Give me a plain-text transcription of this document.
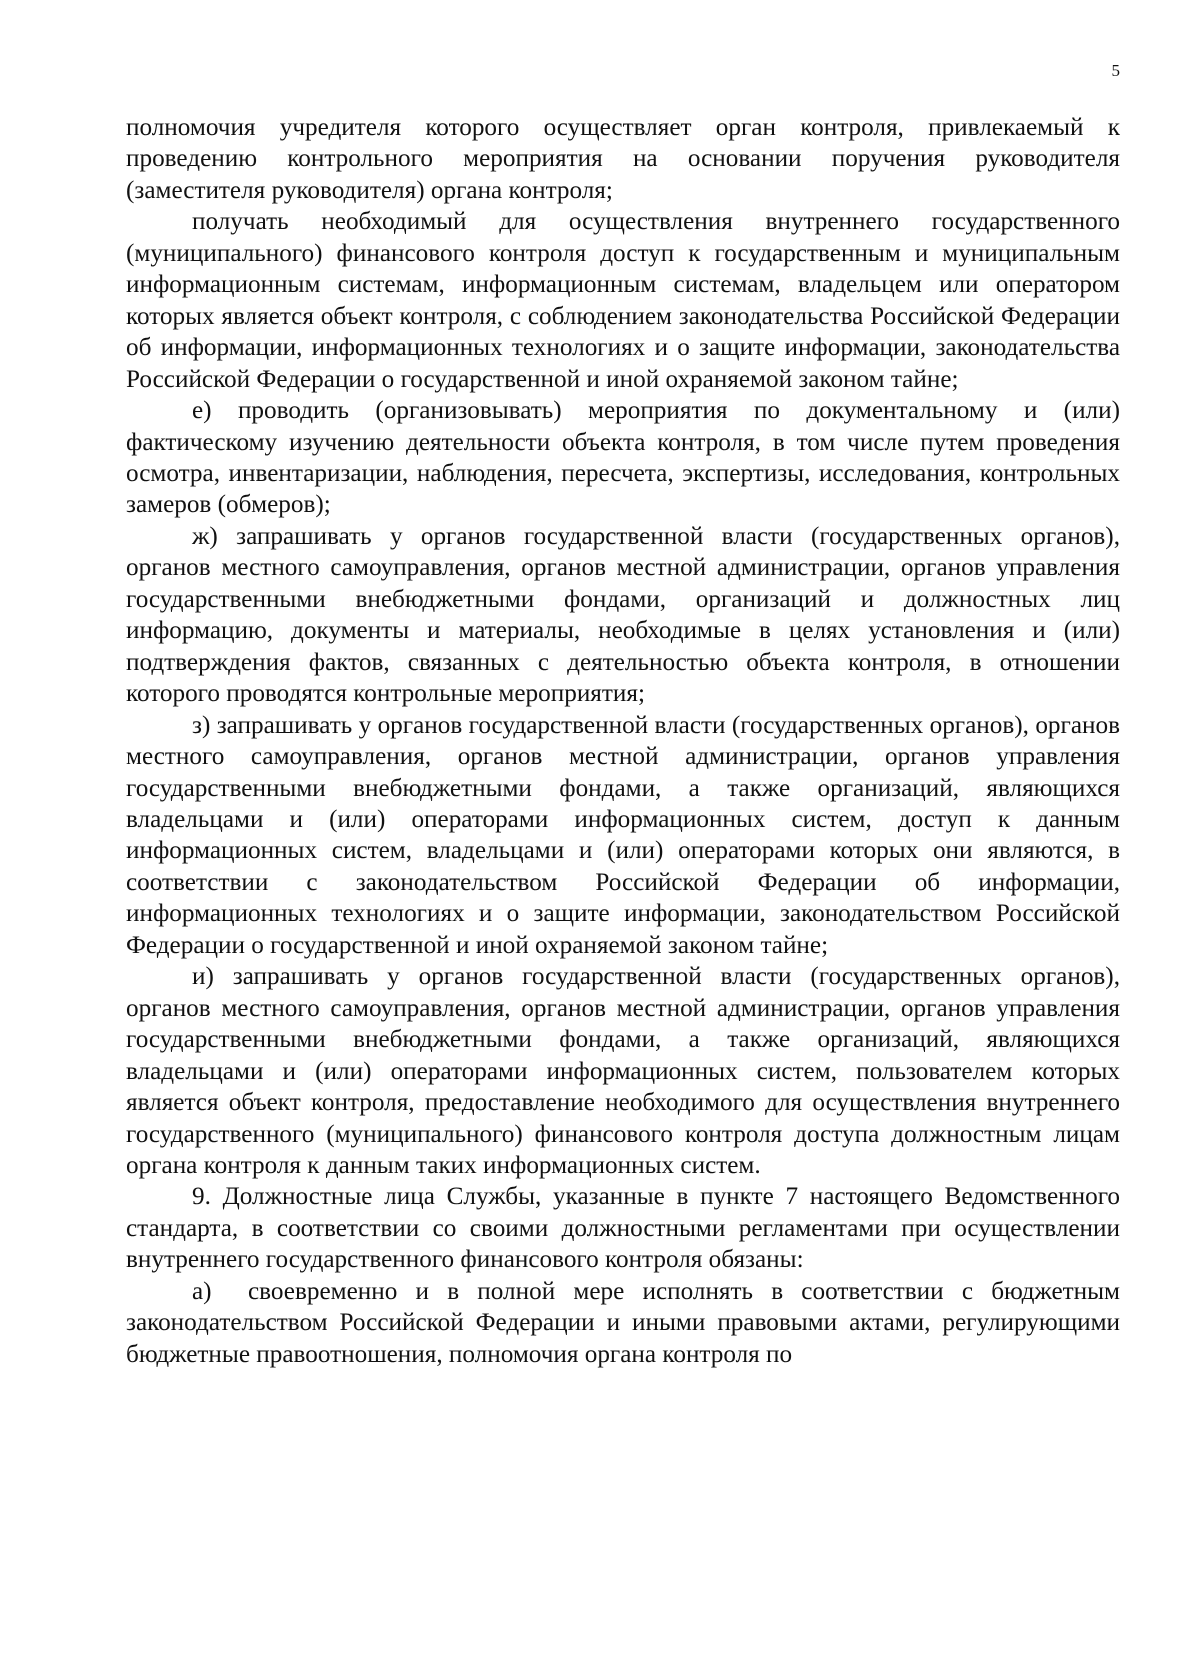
5

полномочия учредителя которого осуществляет орган контроля, привлекаемый к проведению контрольного мероприятия на основании поручения руководителя (заместителя руководителя) органа контроля;

получать необходимый для осуществления внутреннего государственного (муниципального) финансового контроля доступ к государственным и муниципальным информационным системам, информационным системам, владельцем или оператором которых является объект контроля, с соблюдением законодательства Российской Федерации об информации, информационных технологиях и о защите информации, законодательства Российской Федерации о государственной и иной охраняемой законом тайне;

е) проводить (организовывать) мероприятия по документальному и (или) фактическому изучению деятельности объекта контроля, в том числе путем проведения осмотра, инвентаризации, наблюдения, пересчета, экспертизы, исследования, контрольных замеров (обмеров);

ж) запрашивать у органов государственной власти (государственных органов), органов местного самоуправления, органов местной администрации, органов управления государственными внебюджетными фондами, организаций и должностных лиц информацию, документы и материалы, необходимые в целях установления и (или) подтверждения фактов, связанных с деятельностью объекта контроля, в отношении которого проводятся контрольные мероприятия;

з) запрашивать у органов государственной власти (государственных органов), органов местного самоуправления, органов местной администрации, органов управления государственными внебюджетными фондами, а также организаций, являющихся владельцами и (или) операторами информационных систем, доступ к данным информационных систем, владельцами и (или) операторами которых они являются, в соответствии с законодательством Российской Федерации об информации, информационных технологиях и о защите информации, законодательством Российской Федерации о государственной и иной охраняемой законом тайне;

и) запрашивать у органов государственной власти (государственных органов), органов местного самоуправления, органов местной администрации, органов управления государственными внебюджетными фондами, а также организаций, являющихся владельцами и (или) операторами информационных систем, пользователем которых является объект контроля, предоставление необходимого для осуществления внутреннего государственного (муниципального) финансового контроля доступа должностным лицам органа контроля к данным таких информационных систем.

9. Должностные лица Службы, указанные в пункте 7 настоящего Ведомственного стандарта, в соответствии со своими должностными регламентами при осуществлении внутреннего государственного финансового контроля обязаны:

а) своевременно и в полной мере исполнять в соответствии с бюджетным законодательством Российской Федерации и иными правовыми актами, регулирующими бюджетные правоотношения, полномочия органа контроля по
